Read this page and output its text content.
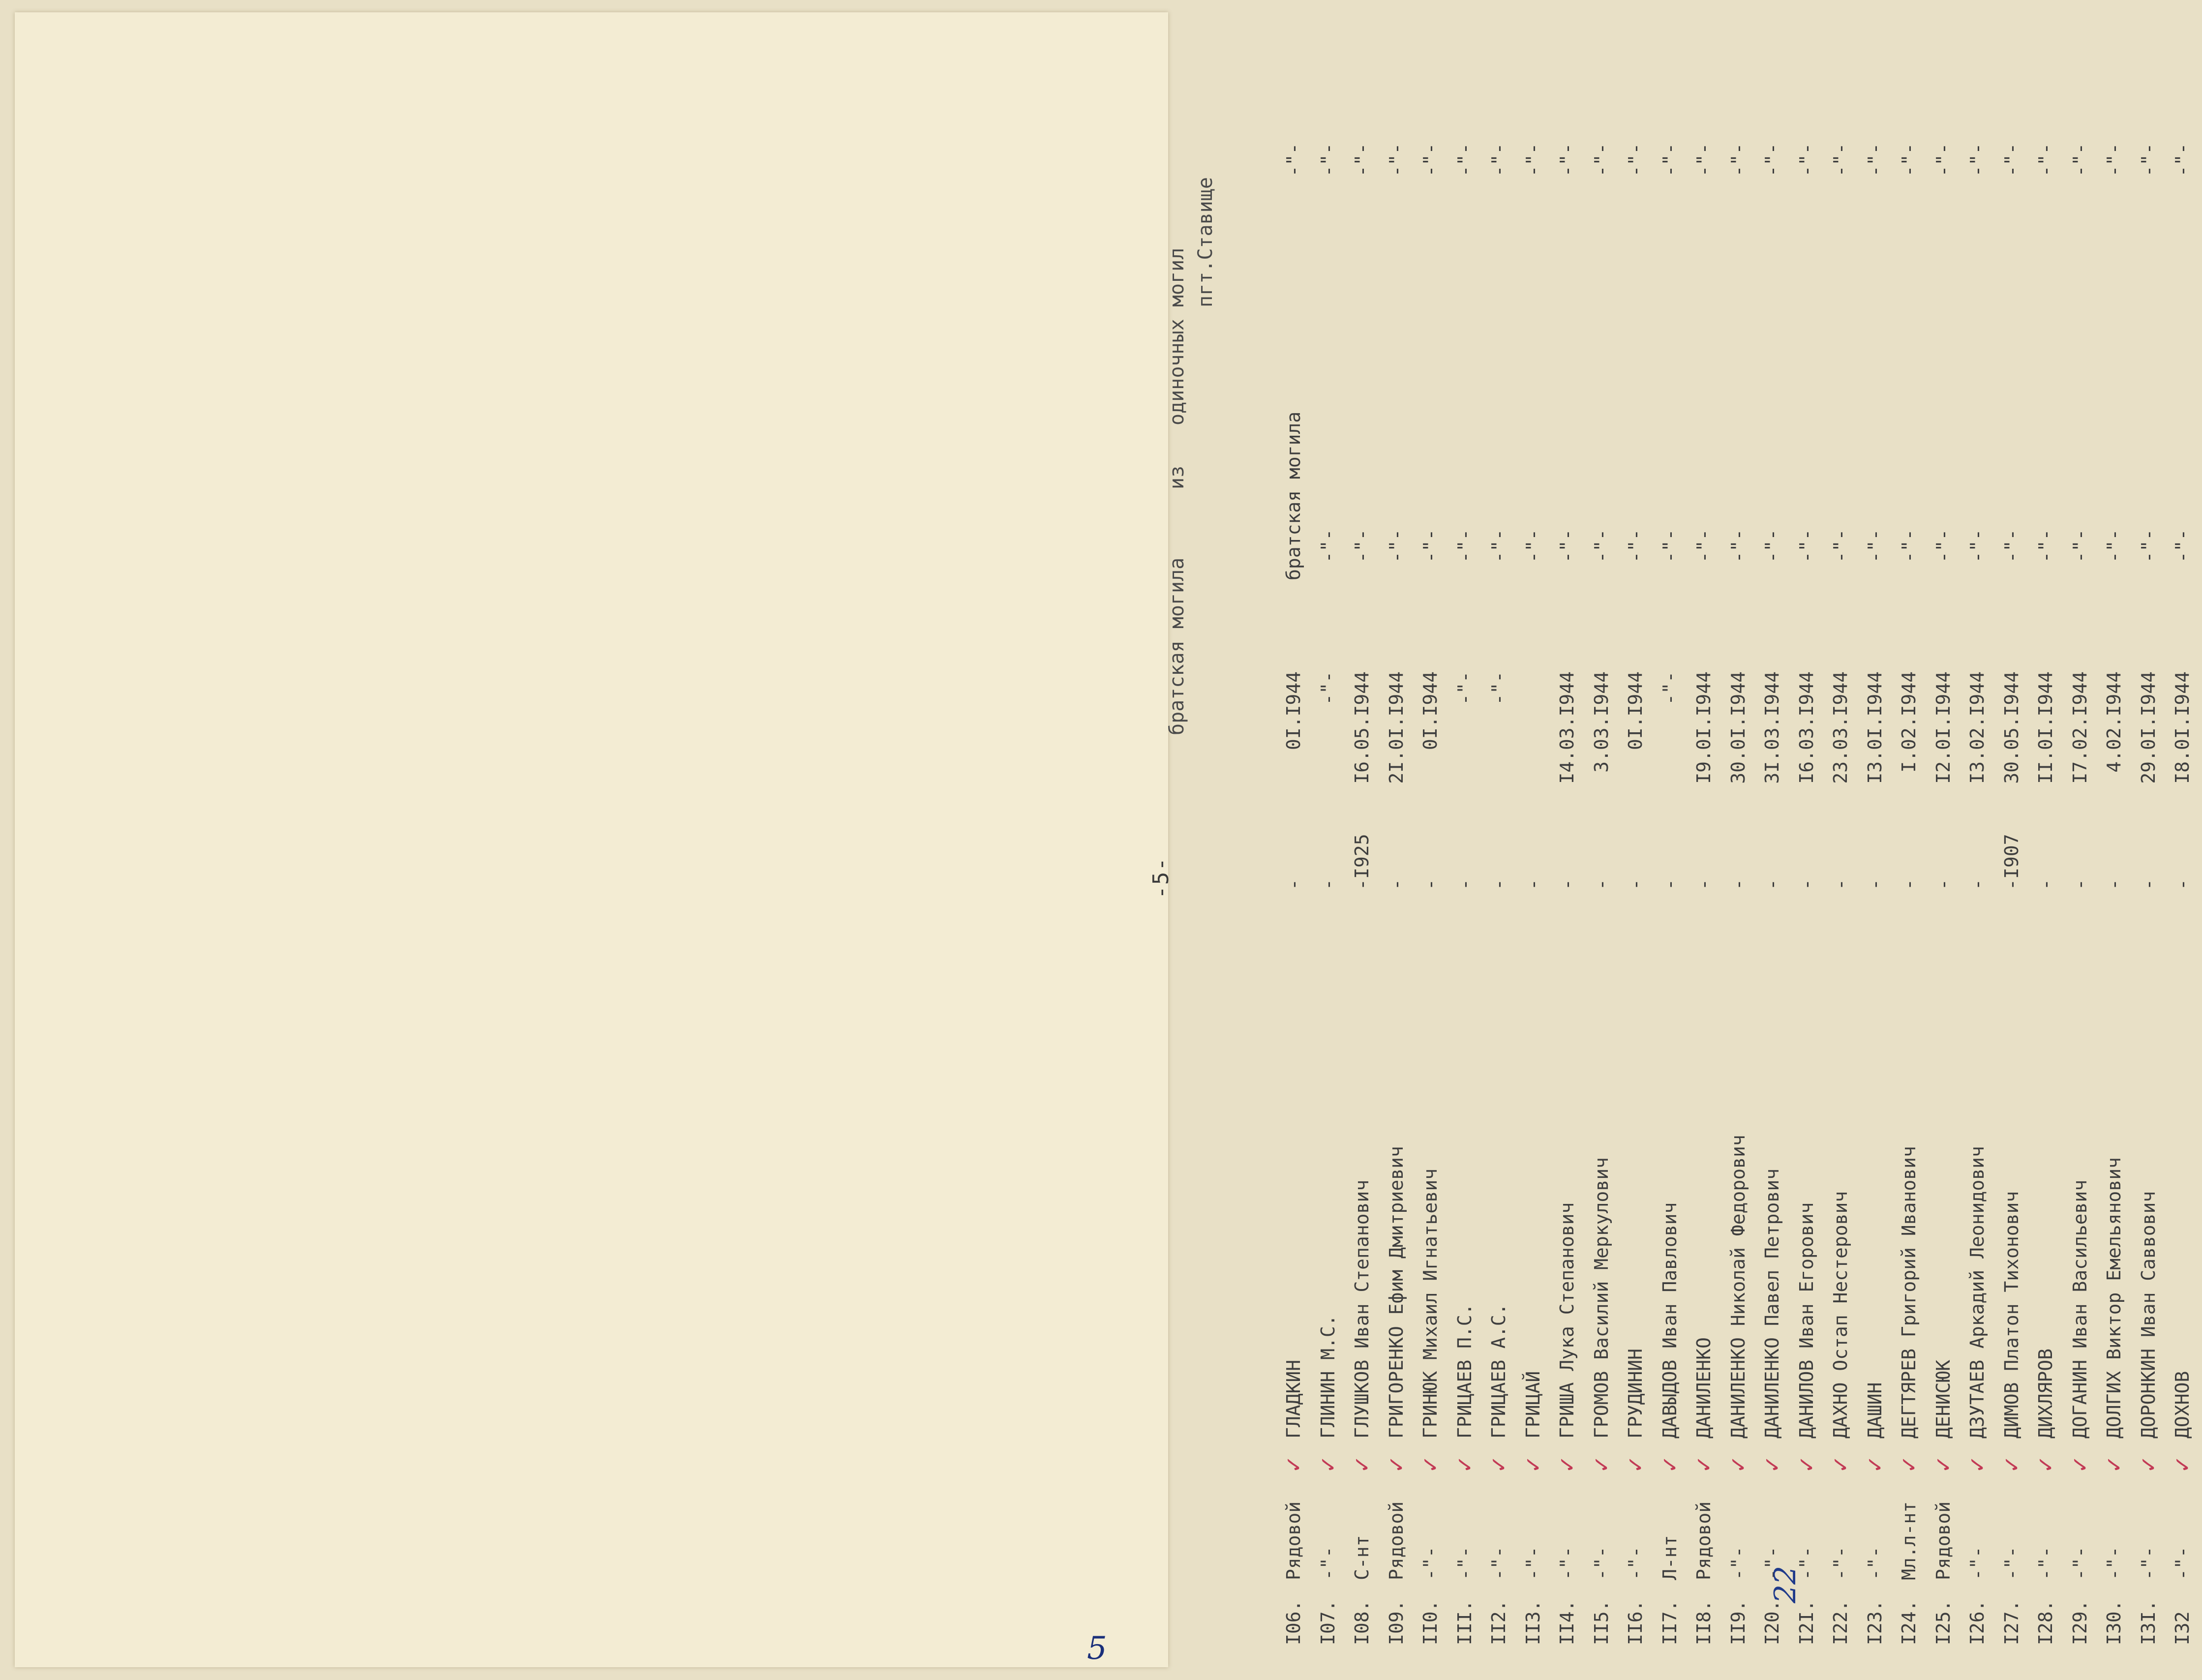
-5-
братская могила
из
одиночных могил
пгт.Ставище
I06.
Рядовой
✓
ГЛАДКИН
-
0I.I944
братская могила
-"-
I07.
-"-
✓
ГЛИНИН М.С.
-
-"-
-"-
-"-
I08.
С-нт
✓
ГЛУШКОВ Иван Степанович
-
I925
I6.05.I944
-"-
-"-
I09.
Рядовой
✓
ГРИГОРЕНКО Ефим Дмитриевич
-
2I.0I.I944
-"-
-"-
II0.
-"-
✓
ГРИНЮК Михаил Игнатьевич
-
0I.I944
-"-
-"-
III.
-"-
✓
ГРИЦАЕВ П.С.
-
-"-
-"-
-"-
II2.
-"-
✓
ГРИЦАЕВ А.С.
-
-"-
-"-
-"-
II3.
-"-
✓
ГРИЦАЙ
-
-"-
-"-
II4.
-"-
✓
ГРИША Лука Степанович
-
I4.03.I944
-"-
-"-
II5.
-"-
✓
ГРОМОВ Василий Меркулович
-
3.03.I944
-"-
-"-
II6.
-"-
✓
ГРУДИНИН
-
0I.I944
-"-
-"-
II7.
Л-нт
✓
ДАВЫДОВ Иван Павлович
-
-"-
-"-
-"-
II8.
Рядовой
✓
ДАНИЛЕНКО
-
I9.0I.I944
-"-
-"-
II9.
-"-
✓
ДАНИЛЕНКО Николай Федорович
-
30.0I.I944
-"-
-"-
I20.
-"-
✓
ДАНИЛЕНКО Павел Петрович
-
3I.03.I944
-"-
-"-
I2I.
-"-
✓
ДАНИЛОВ Иван Егорович
-
I6.03.I944
-"-
-"-
I22.
-"-
✓
ДАХНО Остап Нестерович
-
23.03.I944
-"-
-"-
I23.
-"-
✓
ДАШИН
-
I3.0I.I944
-"-
-"-
I24.
Мл.л-нт
✓
ДЕГТЯРЕВ Григорий Иванович
-
I.02.I944
-"-
-"-
I25.
Рядовой
✓
ДЕНИСЮК
-
I2.0I.I944
-"-
-"-
I26.
-"-
✓
ДЗУТАЕВ Аркадий Леонидович
-
I3.02.I944
-"-
-"-
I27.
-"-
✓
ДИМОВ Платон Тихонович
-
I907
30.05.I944
-"-
-"-
I28.
-"-
✓
ДИХЛЯРОВ
-
II.0I.I944
-"-
-"-
I29.
-"-
✓
ДОГАНИН Иван Васильевич
-
I7.02.I944
-"-
-"-
I30.
-"-
✓
ДОЛГИХ Виктор Емельянович
-
4.02.I944
-"-
-"-
I3I.
-"-
✓
ДОРОНКИН Иван Саввович
-
29.0I.I944
-"-
-"-
I32
-"-
✓
ДОХНОВ
-
I8.0I.I944
-"-
-"-
22
5
